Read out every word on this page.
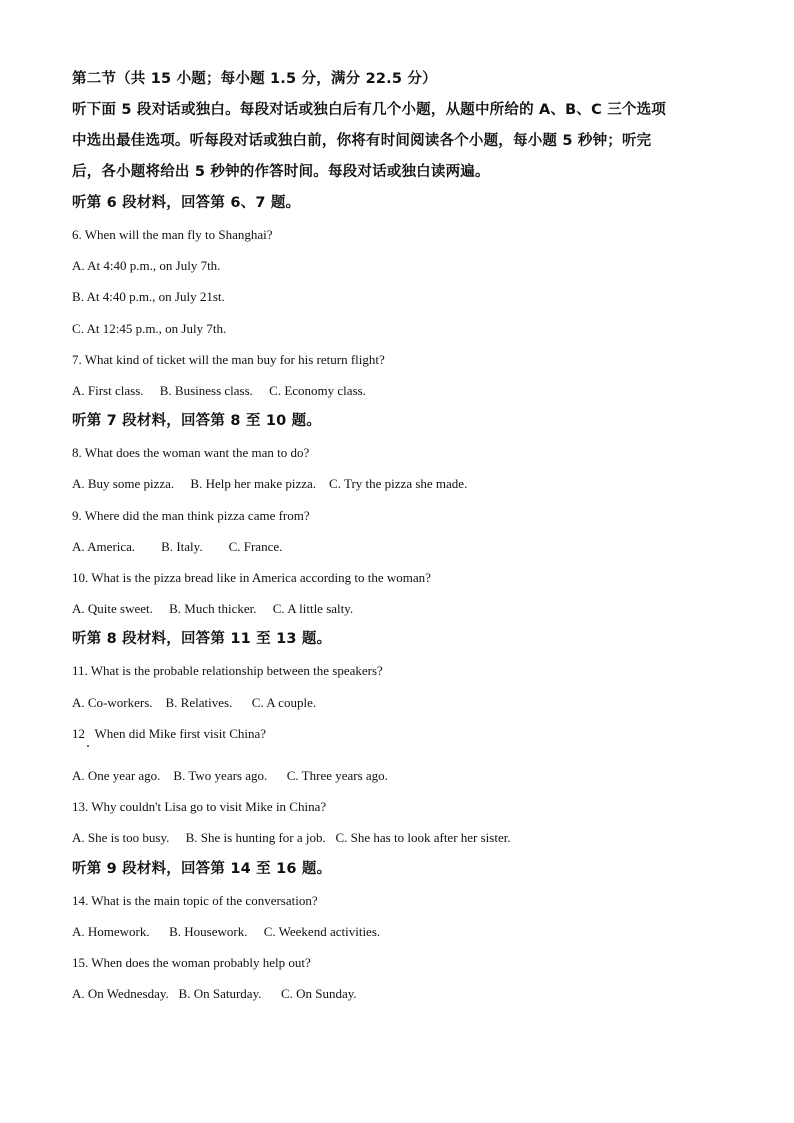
第二节（共 15 小题；每小题 1.5 分，满分 22.5 分）

听下面 5 段对话或独白。每段对话或独白后有几个小题，从题中所给的 A、B、C 三个选项

中选出最佳选项。听每段对话或独白前，你将有时间阅读各个小题，每小题 5 秒钟；听完

后，各小题将给出 5 秒钟的作答时间。每段对话或独白读两遍。

听第 6 段材料，回答第 6、7 题。

6. When will the man fly to Shanghai?

A. At 4:40 p.m., on July 7th.

B. At 4:40 p.m., on July 21st.

C. At 12:45 p.m., on July 7th.

7. What kind of ticket will the man buy for his return flight?

A. First class.     B. Business class.     C. Economy class.

听第 7 段材料，回答第 8 至 10 题。

8. What does the woman want the man to do?

A. Buy some pizza.     B. Help her make pizza.    C. Try the pizza she made.

9. Where did the man think pizza came from?

A. America.        B. Italy.        C. France.

10. What is the pizza bread like in America according to the woman?

A. Quite sweet.     B. Much thicker.     C. A little salty.

听第 8 段材料，回答第 11 至 13 题。

11. What is the probable relationship between the speakers?

A. Co-workers.    B. Relatives.      C. A couple.

12   When did Mike first visit China?

A. One year ago.    B. Two years ago.      C. Three years ago.

13. Why couldn't Lisa go to visit Mike in China?

A. She is too busy.     B. She is hunting for a job.   C. She has to look after her sister.

听第 9 段材料，回答第 14 至 16 题。

14. What is the main topic of the conversation?

A. Homework.      B. Housework.     C. Weekend activities.

15. When does the woman probably help out?

A. On Wednesday.   B. On Saturday.      C. On Sunday.
